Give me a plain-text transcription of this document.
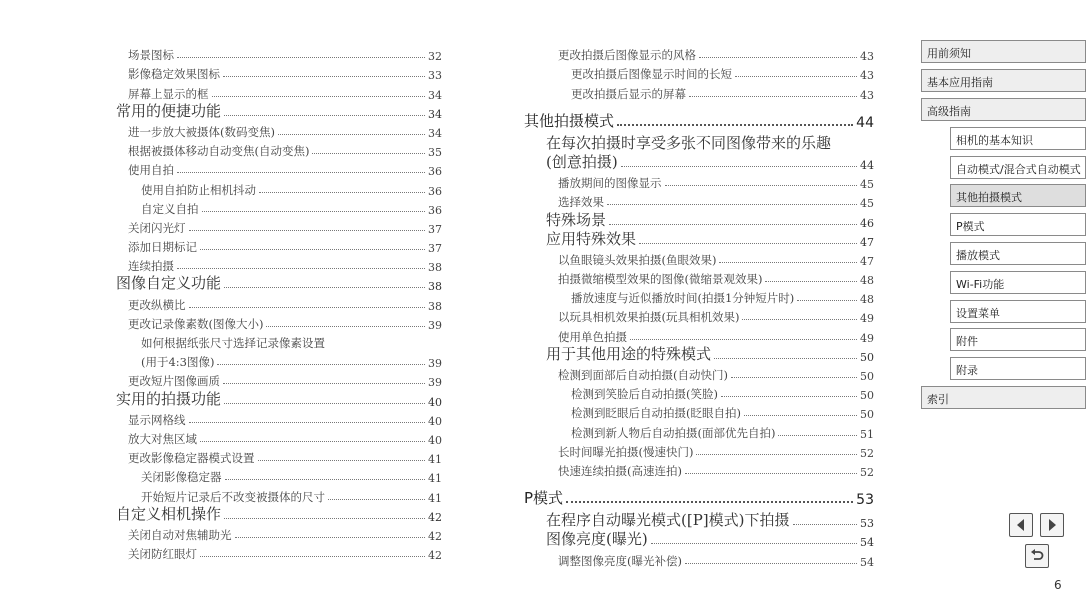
场景图标	32
影像稳定效果图标	33
屏幕上显示的框	34
常用的便捷功能	34
进一步放大被摄体(数码变焦)	34
根据被摄体移动自动变焦(自动变焦)	35
使用自拍	36
使用自拍防止相机抖动	36
自定义自拍	36
关闭闪光灯	37
添加日期标记	37
连续拍摄	38
图像自定义功能	38
更改纵横比	38
更改记录像素数(图像大小)	39
如何根据纸张尺寸选择记录像素设置
(用于4:3图像)	39
更改短片图像画质	39
实用的拍摄功能	40
显示网格线	40
放大对焦区域	40
更改影像稳定器模式设置	41
关闭影像稳定器	41
开始短片记录后不改变被摄体的尺寸	41
自定义相机操作	42
关闭自动对焦辅助光	42
关闭防红眼灯	42
更改拍摄后图像显示的风格	43
更改拍摄后图像显示时间的长短	43
更改拍摄后显示的屏幕	43
其他拍摄模式	44
在每次拍摄时享受多张不同图像带来的乐趣
(创意拍摄)	44
播放期间的图像显示	45
选择效果	45
特殊场景	46
应用特殊效果	47
以鱼眼镜头效果拍摄(鱼眼效果)	47
拍摄微缩模型效果的图像(微缩景观效果)	48
播放速度与近似播放时间(拍摄1分钟短片时)	48
以玩具相机效果拍摄(玩具相机效果)	49
使用单色拍摄	49
用于其他用途的特殊模式	50
检测到面部后自动拍摄(自动快门)	50
检测到笑脸后自动拍摄(笑脸)	50
检测到眨眼后自动拍摄(眨眼自拍)	50
检测到新人物后自动拍摄(面部优先自拍)	51
长时间曝光拍摄(慢速快门)	52
快速连续拍摄(高速连拍)	52
P模式	53
在程序自动曝光模式([P]模式)下拍摄	53
图像亮度(曝光)	54
调整图像亮度(曝光补偿)	54
用前须知
基本应用指南
高级指南
相机的基本知识
自动模式/混合式自动模式
其他拍摄模式
P模式
播放模式
Wi-Fi功能
设置菜单
附件
附录
索引
6
